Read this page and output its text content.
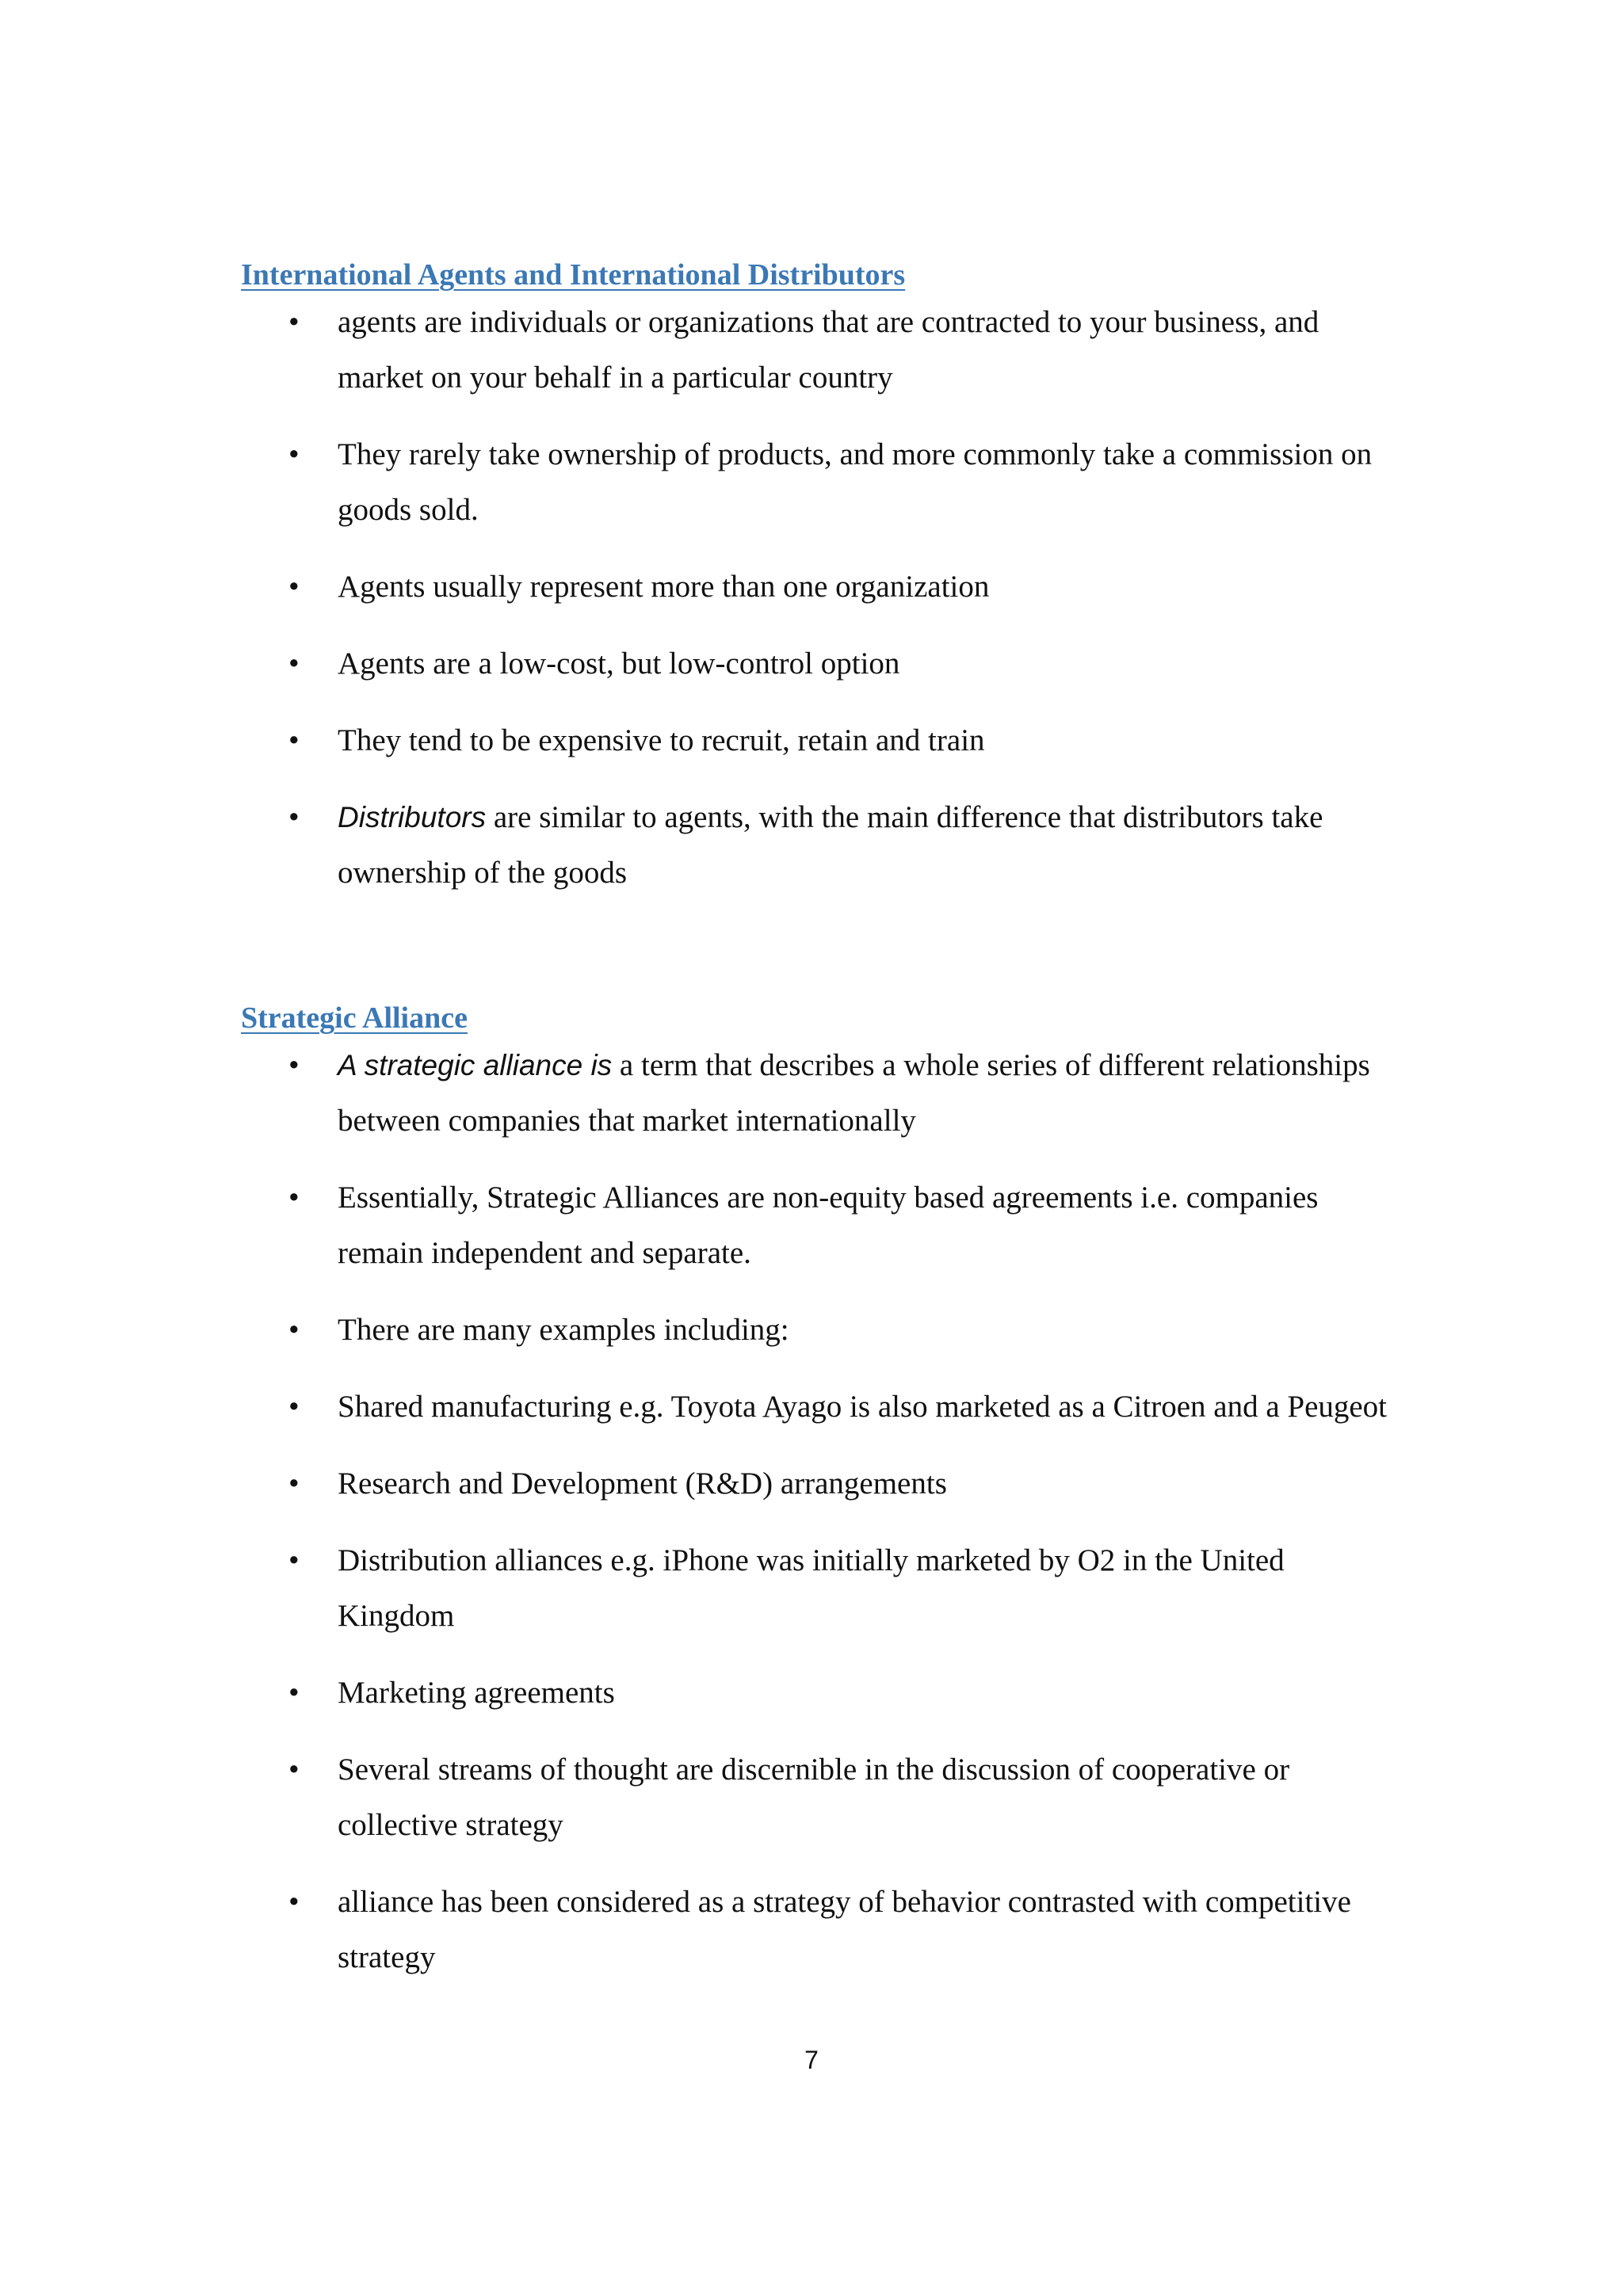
International Agents and International Distributors
• agents are individuals or organizations that are contracted to your business, and market on your behalf in a particular country
• They rarely take ownership of products, and more commonly take a commission on goods sold.
• Agents usually represent more than one organization
• Agents are a low-cost, but low-control option
• They tend to be expensive to recruit, retain and train
• Distributors are similar to agents, with the main difference that distributors take ownership of the goods
Strategic Alliance
• A strategic alliance is a term that describes a whole series of different relationships between companies that market internationally
• Essentially, Strategic Alliances are non-equity based agreements i.e. companies remain independent and separate.
• There are many examples including:
• Shared manufacturing e.g. Toyota Ayago is also marketed as a Citroen and a Peugeot
• Research and Development (R&D) arrangements
• Distribution alliances e.g. iPhone was initially marketed by O2 in the United Kingdom
• Marketing agreements
• Several streams of thought are discernible in the discussion of cooperative or collective strategy
• alliance has been considered as a strategy of behavior contrasted with competitive strategy
7
